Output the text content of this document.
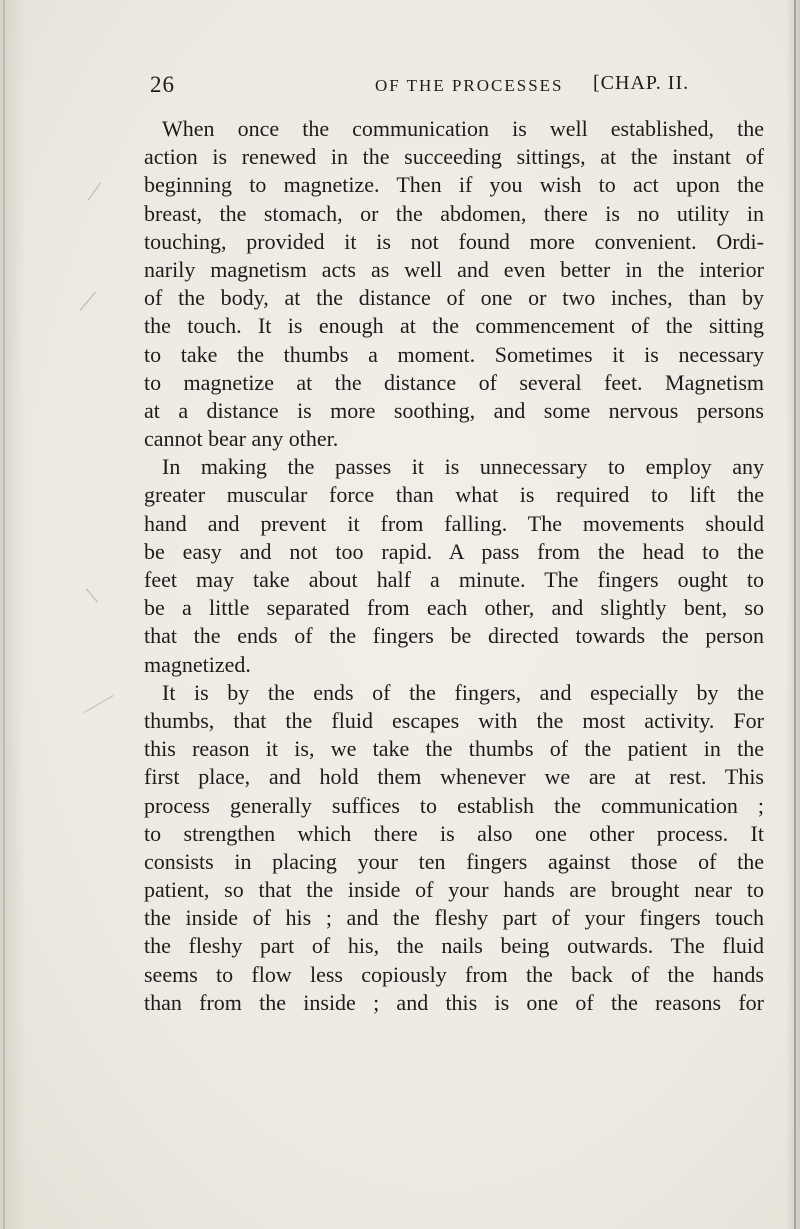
26	OF THE PROCESSES [CHAP. II.
When once the communication is well established, the
action is renewed in the succeeding sittings, at the instant of
beginning to magnetize. Then if you wish to act upon the
breast, the stomach, or the abdomen, there is no utility in
touching, provided it is not found more convenient. Ordi-
narily magnetism acts as well and even better in the interior
of the body, at the distance of one or two inches, than by
the touch. It is enough at the commencement of the sitting
to take the thumbs a moment. Sometimes it is necessary
to magnetize at the distance of several feet. Magnetism
at a distance is more soothing, and some nervous persons
cannot bear any other.
In making the passes it is unnecessary to employ any
greater muscular force than what is required to lift the
hand and prevent it from falling. The movements should
be easy and not too rapid. A pass from the head to the
feet may take about half a minute. The fingers ought to
be a little separated from each other, and slightly bent, so
that the ends of the fingers be directed towards the person
magnetized.
It is by the ends of the fingers, and especially by the
thumbs, that the fluid escapes with the most activity. For
this reason it is, we take the thumbs of the patient in the
first place, and hold them whenever we are at rest. This
process generally suffices to establish the communication ;
to strengthen which there is also one other process. It
consists in placing your ten fingers against those of the
patient, so that the inside of your hands are brought near to
the inside of his ; and the fleshy part of your fingers touch
the fleshy part of his, the nails being outwards. The fluid
seems to flow less copiously from the back of the hands
than from the inside ; and this is one of the reasons for
